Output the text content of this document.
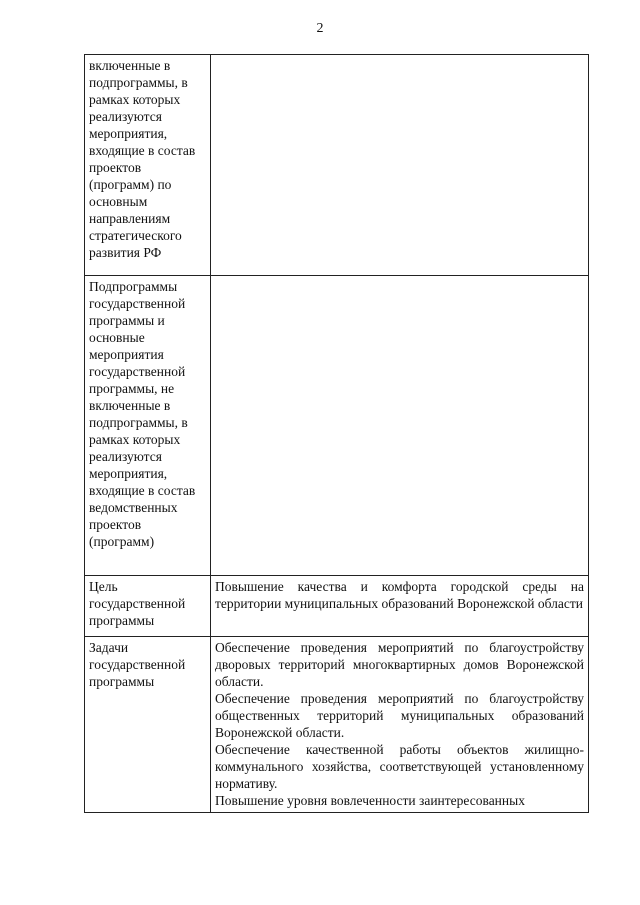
2
включенные в подпрограммы, в рамках которых реализуются мероприятия, входящие в состав проектов (программ) по основным направлениям стратегического развития РФ	

Подпрограммы государственной программы и основные мероприятия государственной программы, не включенные в подпрограммы, в рамках которых реализуются мероприятия, входящие в состав ведомственных проектов (программ)	

Цель государственной программы	Повышение качества и комфорта городской среды на территории муниципальных образований Воронежской области

Задачи государственной программы	Обеспечение проведения мероприятий по благоустройству дворовых территорий многоквартирных домов Воронежской области.

Обеспечение проведения мероприятий по благоустройству общественных территорий муниципальных образований Воронежской области.

Обеспечение качественной работы объектов жилищно-коммунального хозяйства, соответствующей установленному нормативу.

Повышение уровня вовлеченности заинтересованных
